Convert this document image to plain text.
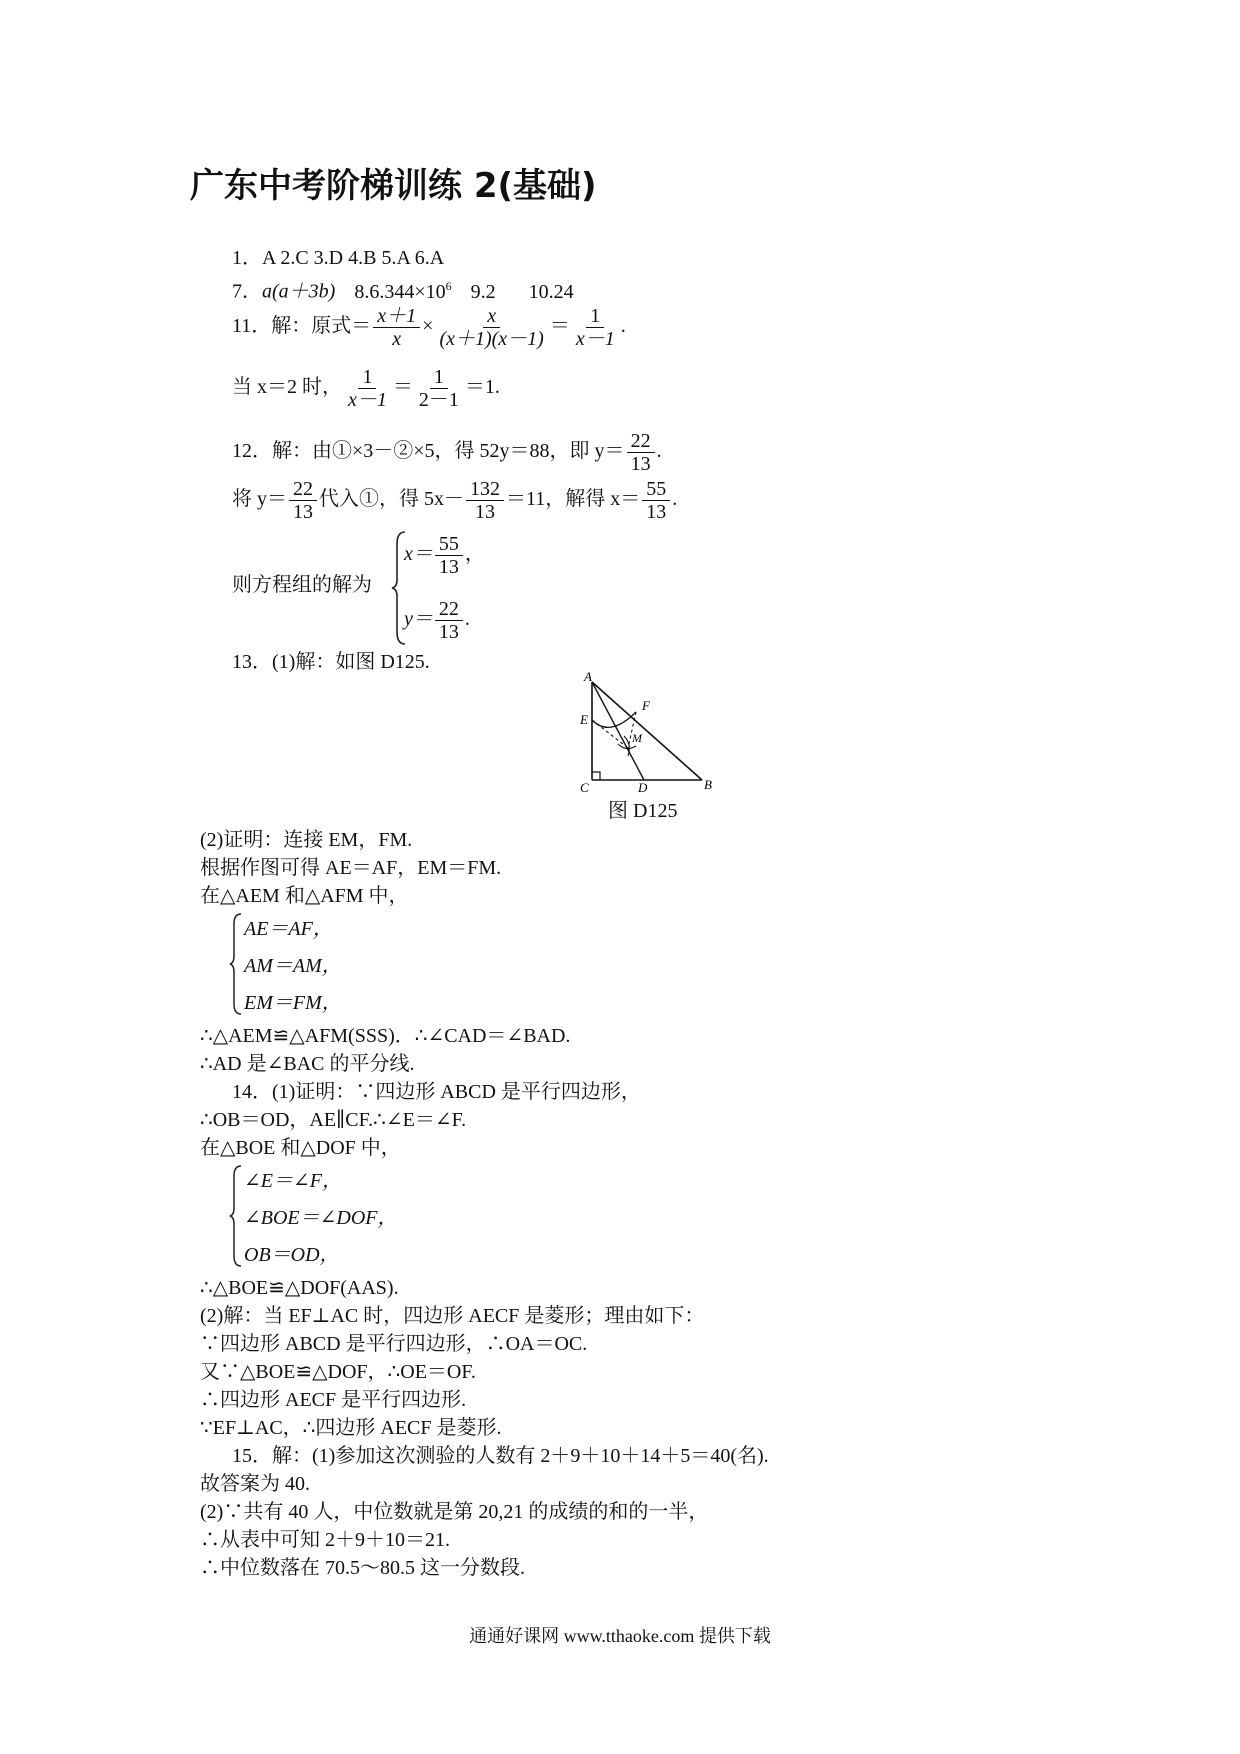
广东中考阶梯训练 2(基础)
1．A 2.C 3.D 4.B 5.A 6.A
7．a(a＋3b) $8.6.344\times 10^6$ 9.2 10.24
11．解：原式＝ $\frac{x+1}{x} \times \frac{x}{(x+1)(x-1)} = \frac{1}{x-1}$ .
当 x＝2 时， $\frac{1}{x-1} = \frac{1}{2-1} =1$.
12．解：由①×3－②×5，得 52y＝88，即 $y= \frac{22}{13}$ .
将 $y= \frac{22}{13}$ 代入①，得 $5x- \frac{132}{13} =11$，解得 $x= \frac{55}{13}$ .
则方程组的解为
$x= \frac{55}{13}$ ，
$y= \frac{22}{13}$ .
13．(1)解：如图 D125.
A
F
E
M
C	D	B
图 D125
(2)证明：连接 EM，FM.
根据作图可得 AE＝AF，EM＝FM.
在△AEM 和△AFM 中，
AE＝AF，
AM＝AM，
EM＝FM，
∴△AEM≌△AFM(SSS)．∴∠CAD＝∠BAD.
∴AD 是∠BAC 的平分线.
14．(1)证明：∵四边形 ABCD 是平行四边形，
∴OB＝OD，AE∥CF.∴∠E＝∠F.
在△BOE 和△DOF 中，
∠E＝∠F，
∠BOE＝∠DOF，
OB＝OD，
∴△BOE≌△DOF(AAS).
(2)解：当 EF⊥AC 时，四边形 AECF 是菱形；理由如下：
∵四边形 ABCD 是平行四边形，∴OA＝OC.
又∵△BOE≌△DOF，∴OE＝OF.
∴四边形 AECF 是平行四边形.
∵EF⊥AC，∴四边形 AECF 是菱形.
15．解：(1)参加这次测验的人数有 2＋9＋10＋14＋5＝40(名).
故答案为 40.
(2)∵共有 40 人，中位数就是第 20,21 的成绩的和的一半，
∴从表中可知 2＋9＋10＝21.
∴中位数落在 70.5～80.5 这一分数段.
通通好课网 www.tthaoke.com 提供下载
